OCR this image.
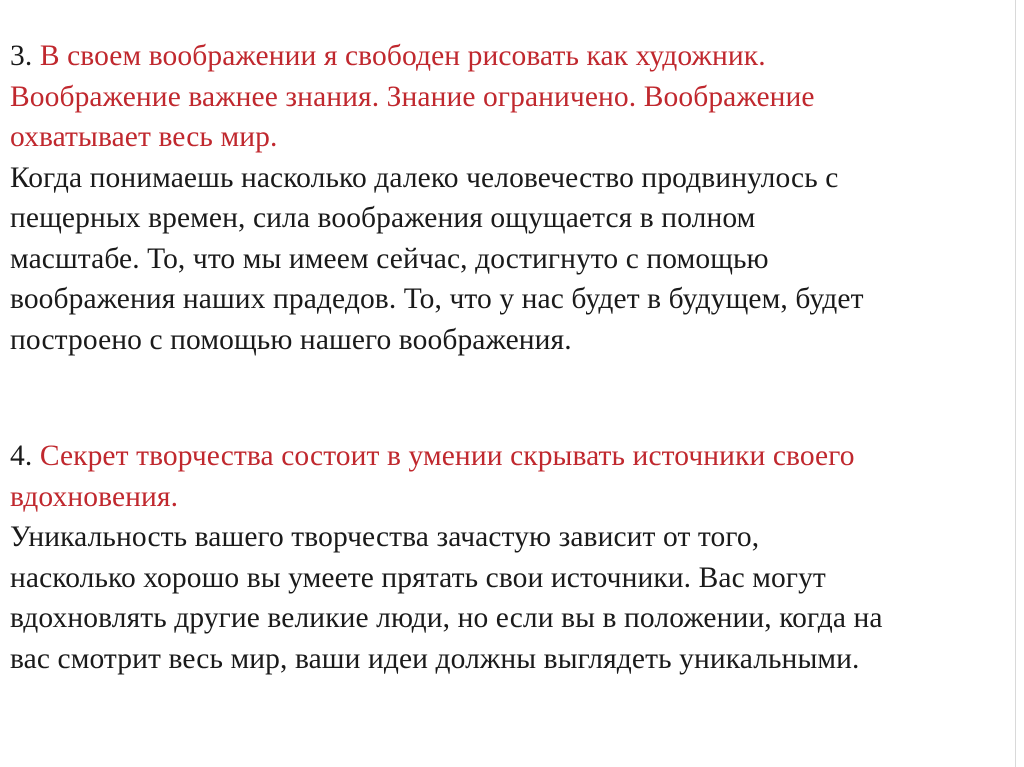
3. В своем воображении я свободен рисовать как художник.
Воображение важнее знания. Знание ограничено. Воображение
охватывает весь мир.
Когда понимаешь насколько далеко человечество продвинулось с
пещерных времен, сила воображения ощущается в полном
масштабе. То, что мы имеем сейчас, достигнуто с помощью
воображения наших прадедов. То, что у нас будет в будущем, будет
построено с помощью нашего воображения.
4. Секрет творчества состоит в умении скрывать источники своего
вдохновения.
Уникальность вашего творчества зачастую зависит от того,
насколько хорошо вы умеете прятать свои источники. Вас могут
вдохновлять другие великие люди, но если вы в положении, когда на
вас смотрит весь мир, ваши идеи должны выглядеть уникальными.
